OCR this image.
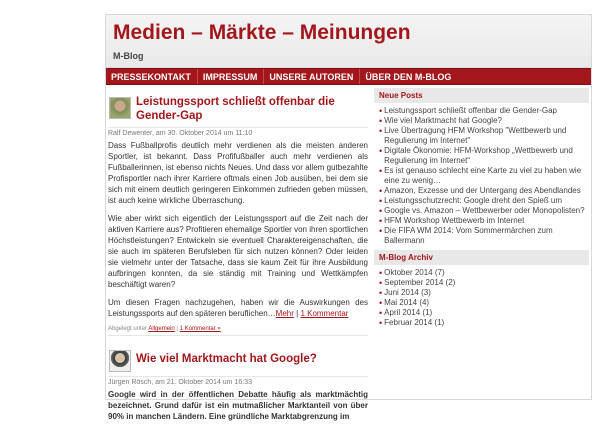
Medien – Märkte – Meinungen
M-Blog
PRESSEKONTAKT	IMPRESSUM	UNSERE AUTOREN	ÜBER DEN M-BLOG
Leistungssport schließt offenbar die Gender-Gap
Ralf Dewenter, am 30. Oktober 2014 um 11:10

Dass Fußballprofis deutlich mehr verdienen als die meisten anderen Sportler, ist bekannt. Dass Profifußballer auch mehr verdienen als Fußballerinnen, ist ebenso nichts Neues. Und dass vor allem gutbezahlte Profisportler nach ihrer Karriere oftmals einen Job ausüben, bei dem sie sich mit einem deutlich geringeren Einkommen zufrieden geben müssen, ist auch keine wirkliche Überraschung.

Wie aber wirkt sich eigentlich der Leistungssport auf die Zeit nach der aktiven Karriere aus? Profitieren ehemalige Sportler von ihren sportlichen Höchstleistungen? Entwickeln sie eventuell Charaktereigenschaften, die sie auch im späteren Berufsleben für sich nutzen können? Oder leiden sie vielmehr unter der Tatsache, dass sie kaum Zeit für ihre Ausbildung aufbringen konnten, da sie ständig mit Training und Wettkämpfen beschäftigt waren?

Um diesen Fragen nachzugehen, haben wir die Auswirkungen des Leistungssports auf den späteren beruflichen…Mehr | 1 Kommentar

Abgelegt unter Allgemein | 1 Kommentar »
Wie viel Marktmacht hat Google?
Jürgen Rösch, am 21. Oktober 2014 um 16:33

Google wird in der öffentlichen Debatte häufig als marktmächtig bezeichnet. Grund dafür ist ein mutmaßlicher Marktanteil von über 90% in manchen Ländern. Eine gründliche Marktabgrenzung im

Neue Posts
• Leistungssport schließt offenbar die Gender-Gap
• Wie viel Marktmacht hat Google?
• Live Übertragung HFM Workshop "Wettbewerb und Regulierung im Internet"
• Digitale Ökonomie: HFM-Workshop „Wettbewerb und Regulierung im Internet“
• Es ist genauso schlecht eine Karte zu viel zu haben wie eine zu wenig…
• Amazon, Exzesse und der Untergang des Abendlandes
• Leistungsschutzrecht: Google dreht den Spieß um
• Google vs. Amazon – Wettbewerber oder Monopolisten?
• HFM Workshop Wettbewerb im Internet
• Die FIFA WM 2014: Vom Sommermärchen zum Ballermann
M-Blog Archiv
• Oktober 2014
(7)
• September 2014
(2)
• Juni 2014
(3)
• Mai 2014
(4)
• April 2014
(1)
• Februar 2014
(1)
